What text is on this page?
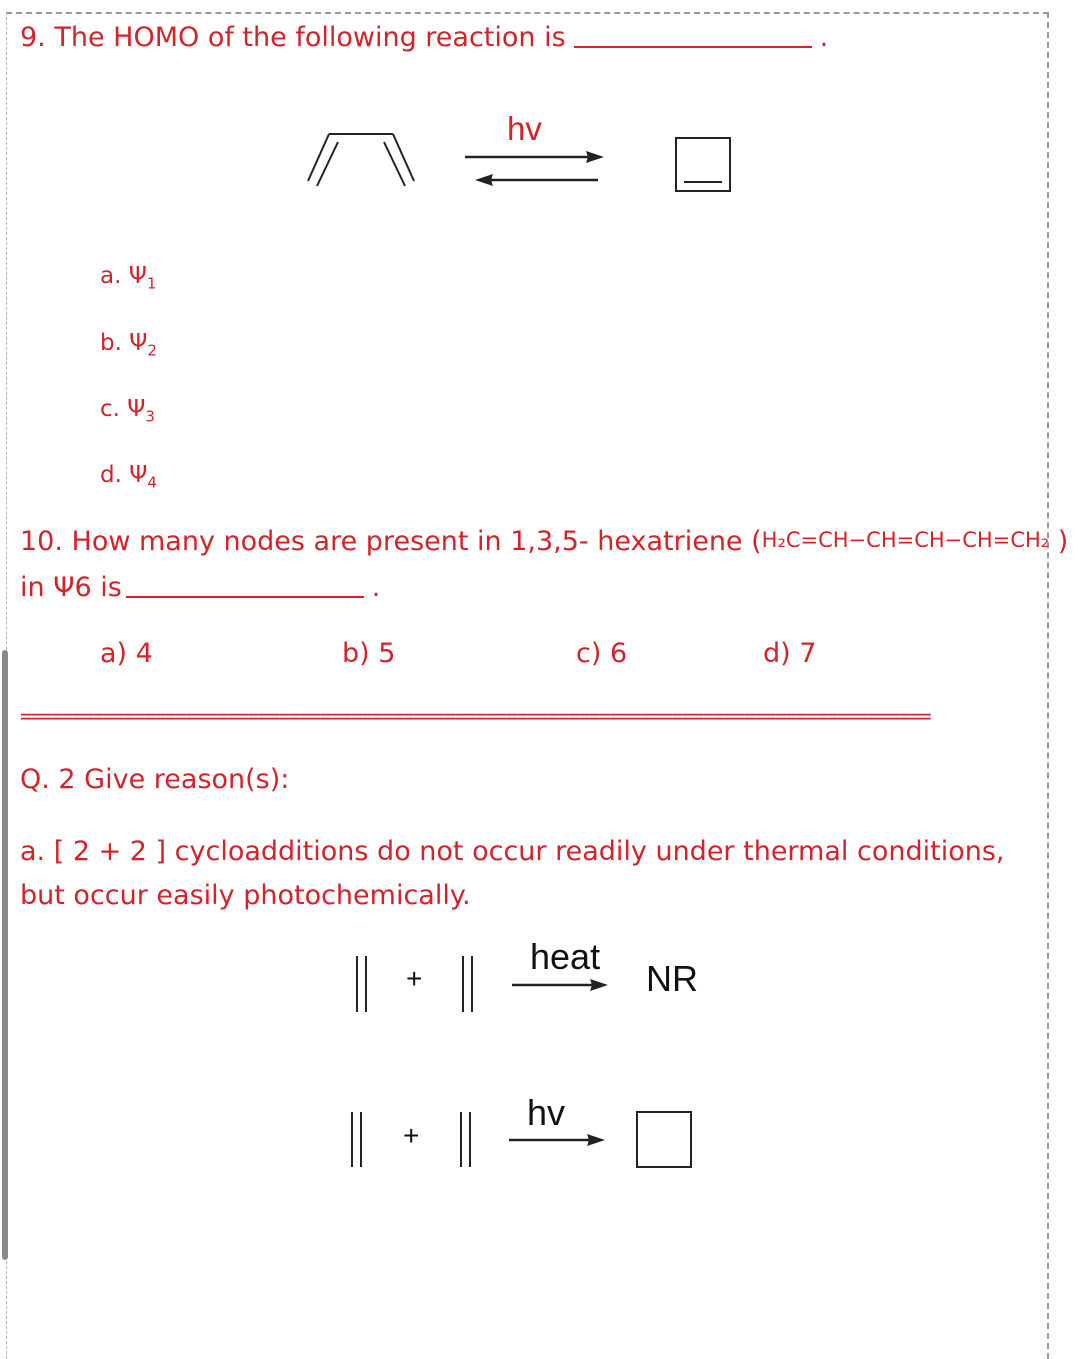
9. The HOMO of the following reaction is	.
hv
a. $\Psi_1$
b. $\Psi_2$
c. $\Psi_3$
d. $\Psi_4$
10. How many nodes are present in 1,3,5- hexatriene (H₂C=CH−CH=CH−CH=CH₂ )
in Ψ6 is	.
a) 4	b) 5	c) 6	d) 7
========================================================================================
Q. 2 Give reason(s):
a. [ 2 + 2 ] cycloadditions do not occur readily under thermal conditions, but occur easily photochemically.
+
heat
NR
+
hv
